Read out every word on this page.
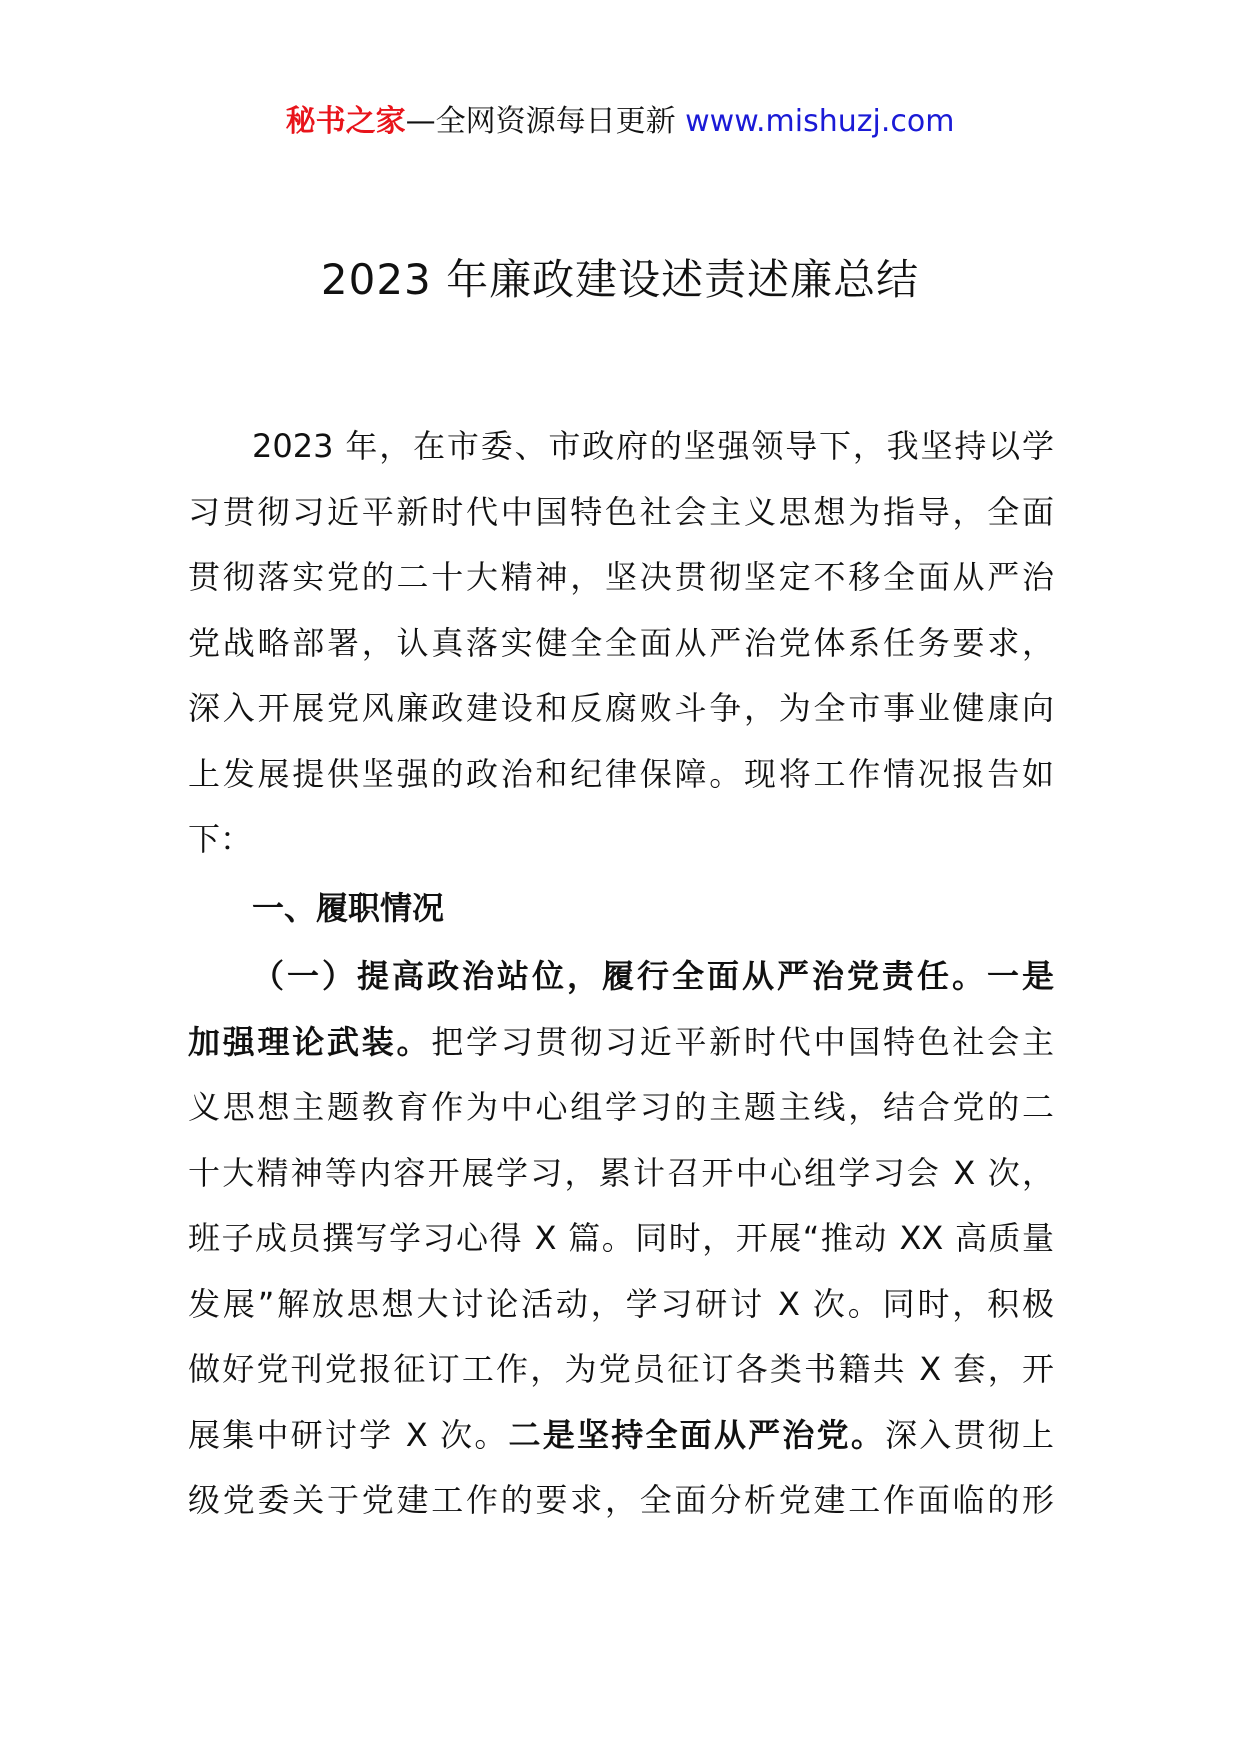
秘书之家—全网资源每日更新 www.mishuzj.com
2023 年廉政建设述责述廉总结

2023 年，在市委、市政府的坚强领导下，我坚持以学
习贯彻习近平新时代中国特色社会主义思想为指导，全面
贯彻落实党的二十大精神，坚决贯彻坚定不移全面从严治
党战略部署，认真落实健全全面从严治党体系任务要求，
深入开展党风廉政建设和反腐败斗争，为全市事业健康向
上发展提供坚强的政治和纪律保障。现将工作情况报告如
下：

一、履职情况

（一）提高政治站位，履行全面从严治党责任。一是
加强理论武装。把学习贯彻习近平新时代中国特色社会主
义思想主题教育作为中心组学习的主题主线，结合党的二
十大精神等内容开展学习，累计召开中心组学习会 X 次，
班子成员撰写学习心得 X 篇。同时，开展“推动 XX 高质量
发展”解放思想大讨论活动，学习研讨 X 次。同时，积极
做好党刊党报征订工作，为党员征订各类书籍共 X 套，开
展集中研讨学 X 次。二是坚持全面从严治党。深入贯彻上
级党委关于党建工作的要求，全面分析党建工作面临的形
